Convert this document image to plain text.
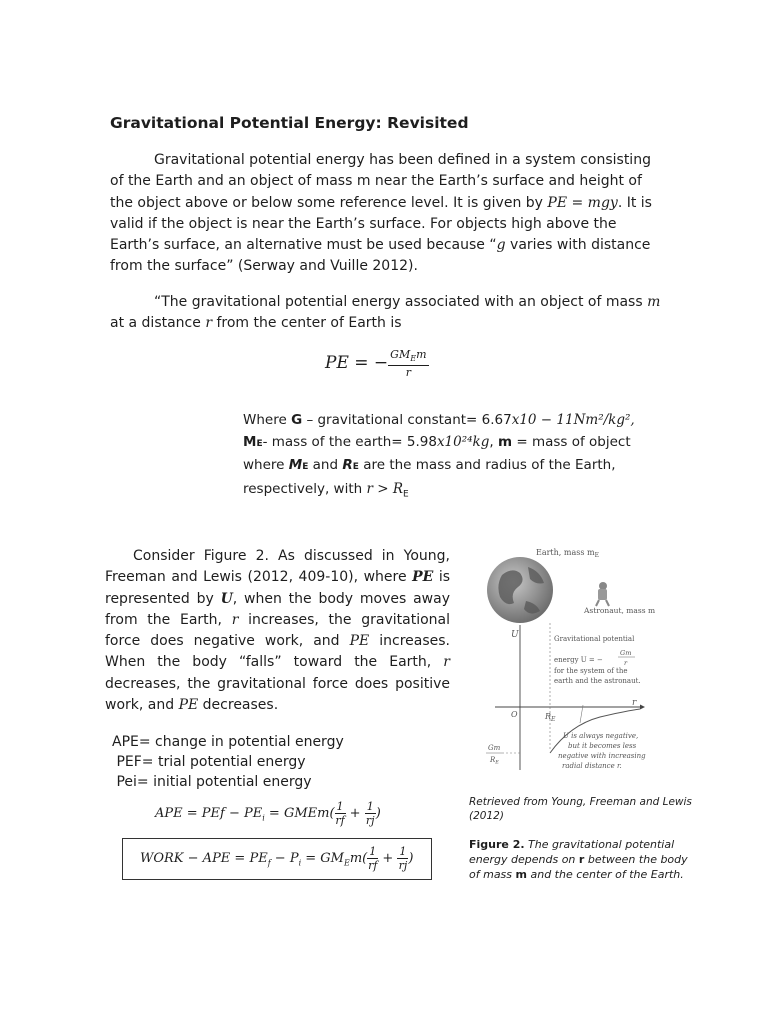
Gravitational Potential Energy: Revisited
Gravitational potential energy has been defined in a system consisting of the Earth and an object of mass m near the Earth’s surface and height of the object above or below some reference level. It is given by PE = mgy. It is valid if the object is near the Earth’s surface. For objects high above the Earth’s surface, an alternative must be used because “g varies with distance from the surface” (Serway and Vuille 2012).
“The gravitational potential energy associated with an object of mass m at a distance r from the center of Earth is
PE = − $\frac{GM_Em}{r}$
Where G – gravitational constant= 6.67x10 − 11Nm²/kg²,
ME- mass of the earth= 5.98x10²⁴kg, m = mass of object
where ME and RE are the mass and radius of the Earth,
respectively, with $r > R_E$
Consider Figure 2. As discussed in Young, Freeman and Lewis (2012, 409-10), where PE is represented by U, when the body moves away from the Earth, r increases, the gravitational force does negative work, and PE increases. When the body “falls” toward the Earth, r decreases, the gravitational force does positive work, and PE decreases.
APE= change in potential energy
PEF= trial potential energy
Pei= initial potential energy
APE = PEf − $PE_i$ = GMEm( $\frac{1}{rf} + \frac{1}{rj}$ )
WORK − APE = $PE_f - P_i = GM_Em( \frac{1}{rf} + \frac{1}{rj}$ )
Earth, mass $m_E$
Astronaut, mass m
U
O
r
$R_E$
Gravitational potential
energy U = −
for the system of the
earth and the astronaut.
Gm
r
U is always negative,
but it becomes less
negative with increasing
radial distance r.
Gm
$R_E$
Retrieved from Young, Freeman and Lewis (2012)
Figure 2. The gravitational potential energy depends on r between the body of mass m and the center of the Earth.
